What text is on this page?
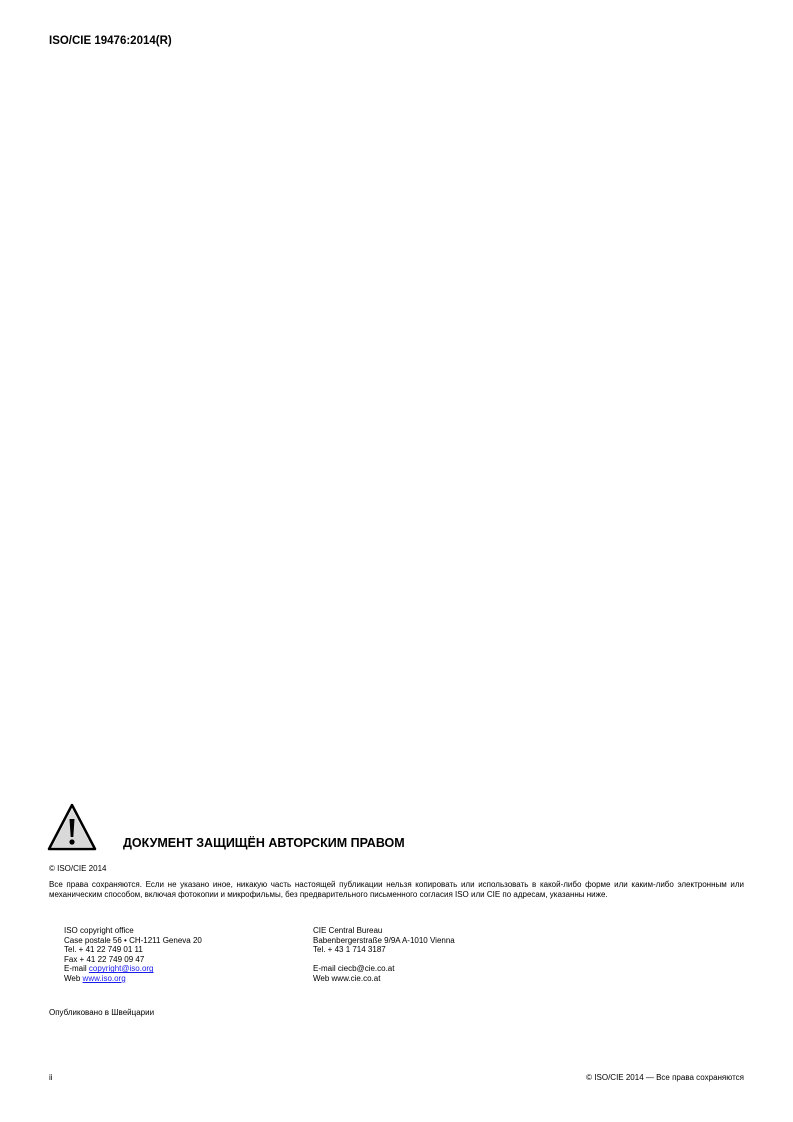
ISO/CIE 19476:2014(R)
ДОКУМЕНТ ЗАЩИЩЁН АВТОРСКИМ ПРАВОМ
© ISO/CIE 2014
Все права сохраняются. Если не указано иное, никакую часть настоящей публикации нельзя копировать или использовать в какой-либо форме или каким-либо электронным или механическим способом, включая фотокопии и микрофильмы, без предварительного письменного согласия ISO или CIE по адресам, указанны ниже.
ISO copyright office
Case postale 56 • CH-1211 Geneva 20
Tel. + 41 22 749 01 11
Fax + 41 22 749 09 47
E-mail copyright@iso.org
Web www.iso.org
CIE Central Bureau
Babenbergerstraße 9/9A A-1010 Vienna
Tel. + 43 1 714 3187
E-mail ciecb@cie.co.at
Web www.cie.co.at
Опубликовано в Швейцарии
ii	© ISO/CIE 2014 — Все права сохраняются
